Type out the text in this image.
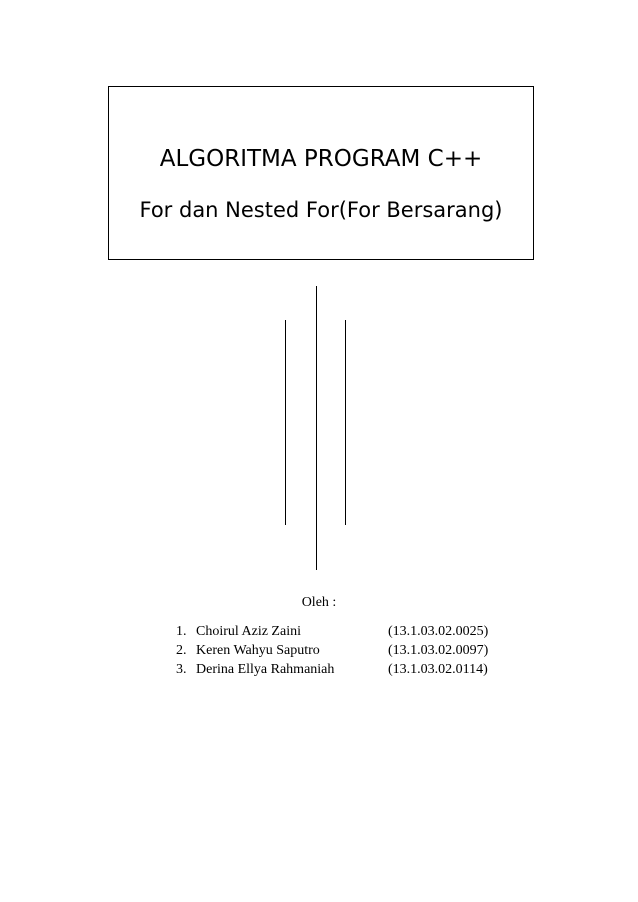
ALGORITMA PROGRAM C++
For dan Nested For(For Bersarang)
Oleh :
1. Choirul Aziz Zaini	(13.1.03.02.0025)
2. Keren Wahyu Saputro	(13.1.03.02.0097)
3. Derina Ellya Rahmaniah	(13.1.03.02.0114)
